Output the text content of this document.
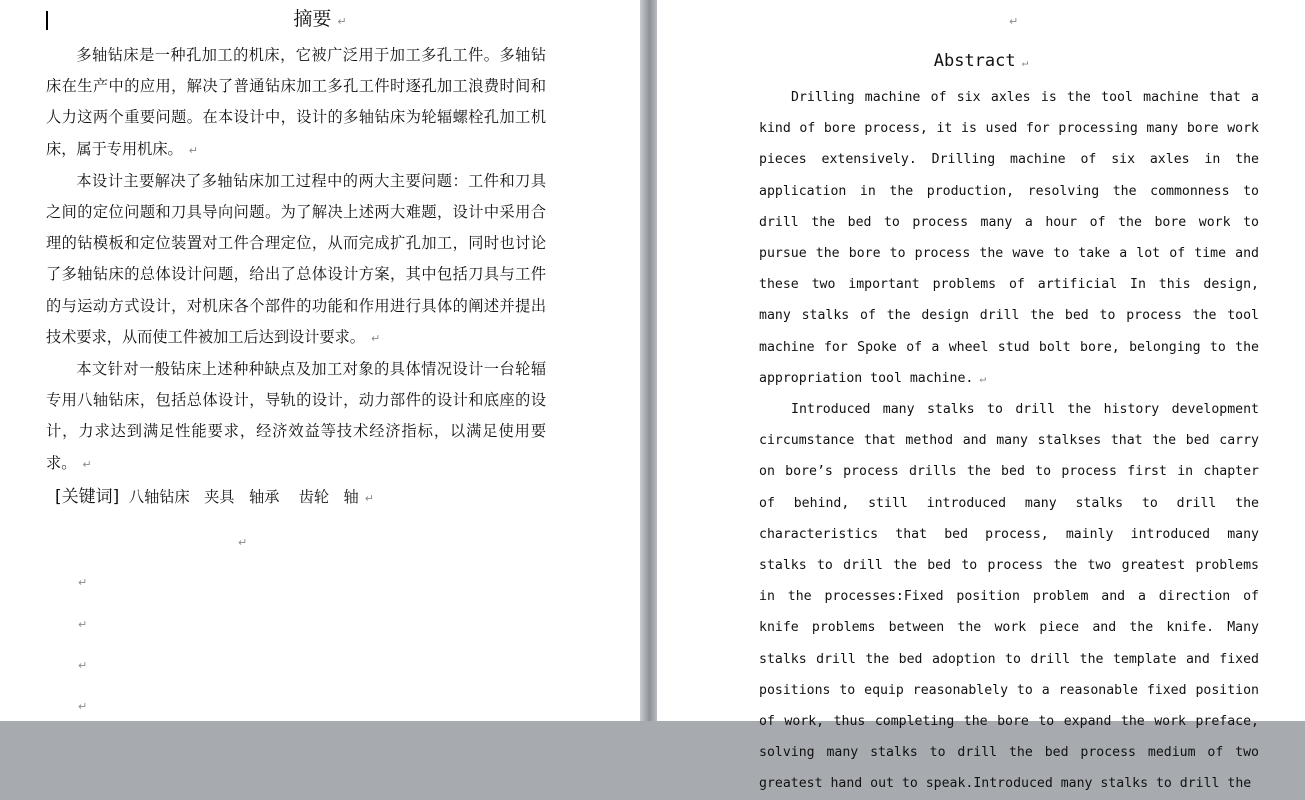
摘要 ↵

多轴钻床是一种孔加工的机床，它被广泛用于加工多孔工件。多轴钻床在生产中的应用，解决了普通钻床加工多孔工件时逐孔加工浪费时间和人力这两个重要问题。在本设计中，设计的多轴钻床为轮辐螺栓孔加工机床，属于专用机床。 ↵

本设计主要解决了多轴钻床加工过程中的两大主要问题：工件和刀具之间的定位问题和刀具导向问题。为了解决上述两大难题，设计中采用合理的钻模板和定位装置对工件合理定位，从而完成扩孔加工，同时也讨论了多轴钻床的总体设计问题，给出了总体设计方案，其中包括刀具与工件的与运动方式设计，对机床各个部件的功能和作用进行具体的阐述并提出技术要求，从而使工件被加工后达到设计要求。 ↵

本文针对一般钻床上述种种缺点及加工对象的具体情况设计一台轮辐专用八轴钻床，包括总体设计，导轨的设计，动力部件的设计和底座的设计，力求达到满足性能要求，经济效益等技术经济指标，以满足使用要求。 ↵

[关键词] 八轴钻床   夹具   轴承    齿轮   轴 ↵
↵
↵
↵
↵
↵
↵
Abstract ↵

Drilling machine of six axles is the tool machine that a kind of bore process, it is used for processing many bore work pieces extensively. Drilling machine of six axles in the application in the production, resolving the commonness to drill the bed to process many a hour of the bore work to pursue the bore to process the wave to take a lot of time and these two important problems of artificial In this design, many stalks of the design drill the bed to process the tool machine for Spoke of a wheel stud bolt bore, belonging to the appropriation tool machine. ↵

Introduced many stalks to drill the history development circumstance that method and many stalkses that the bed carry on bore’s process drills the bed to process first in chapter of behind, still introduced many stalks to drill the characteristics that bed process, mainly introduced many stalks to drill the bed to process the two greatest problems in the processes:Fixed position problem and a direction of knife problems between the work piece and the knife. Many stalks drill the bed adoption to drill the template and fixed positions to equip reasonablely to a reasonable fixed position of work, thus completing the bore to expand the work preface, solving many stalks to drill the bed process medium of two greatest hand out to speak.Introduced many stalks to drill the
